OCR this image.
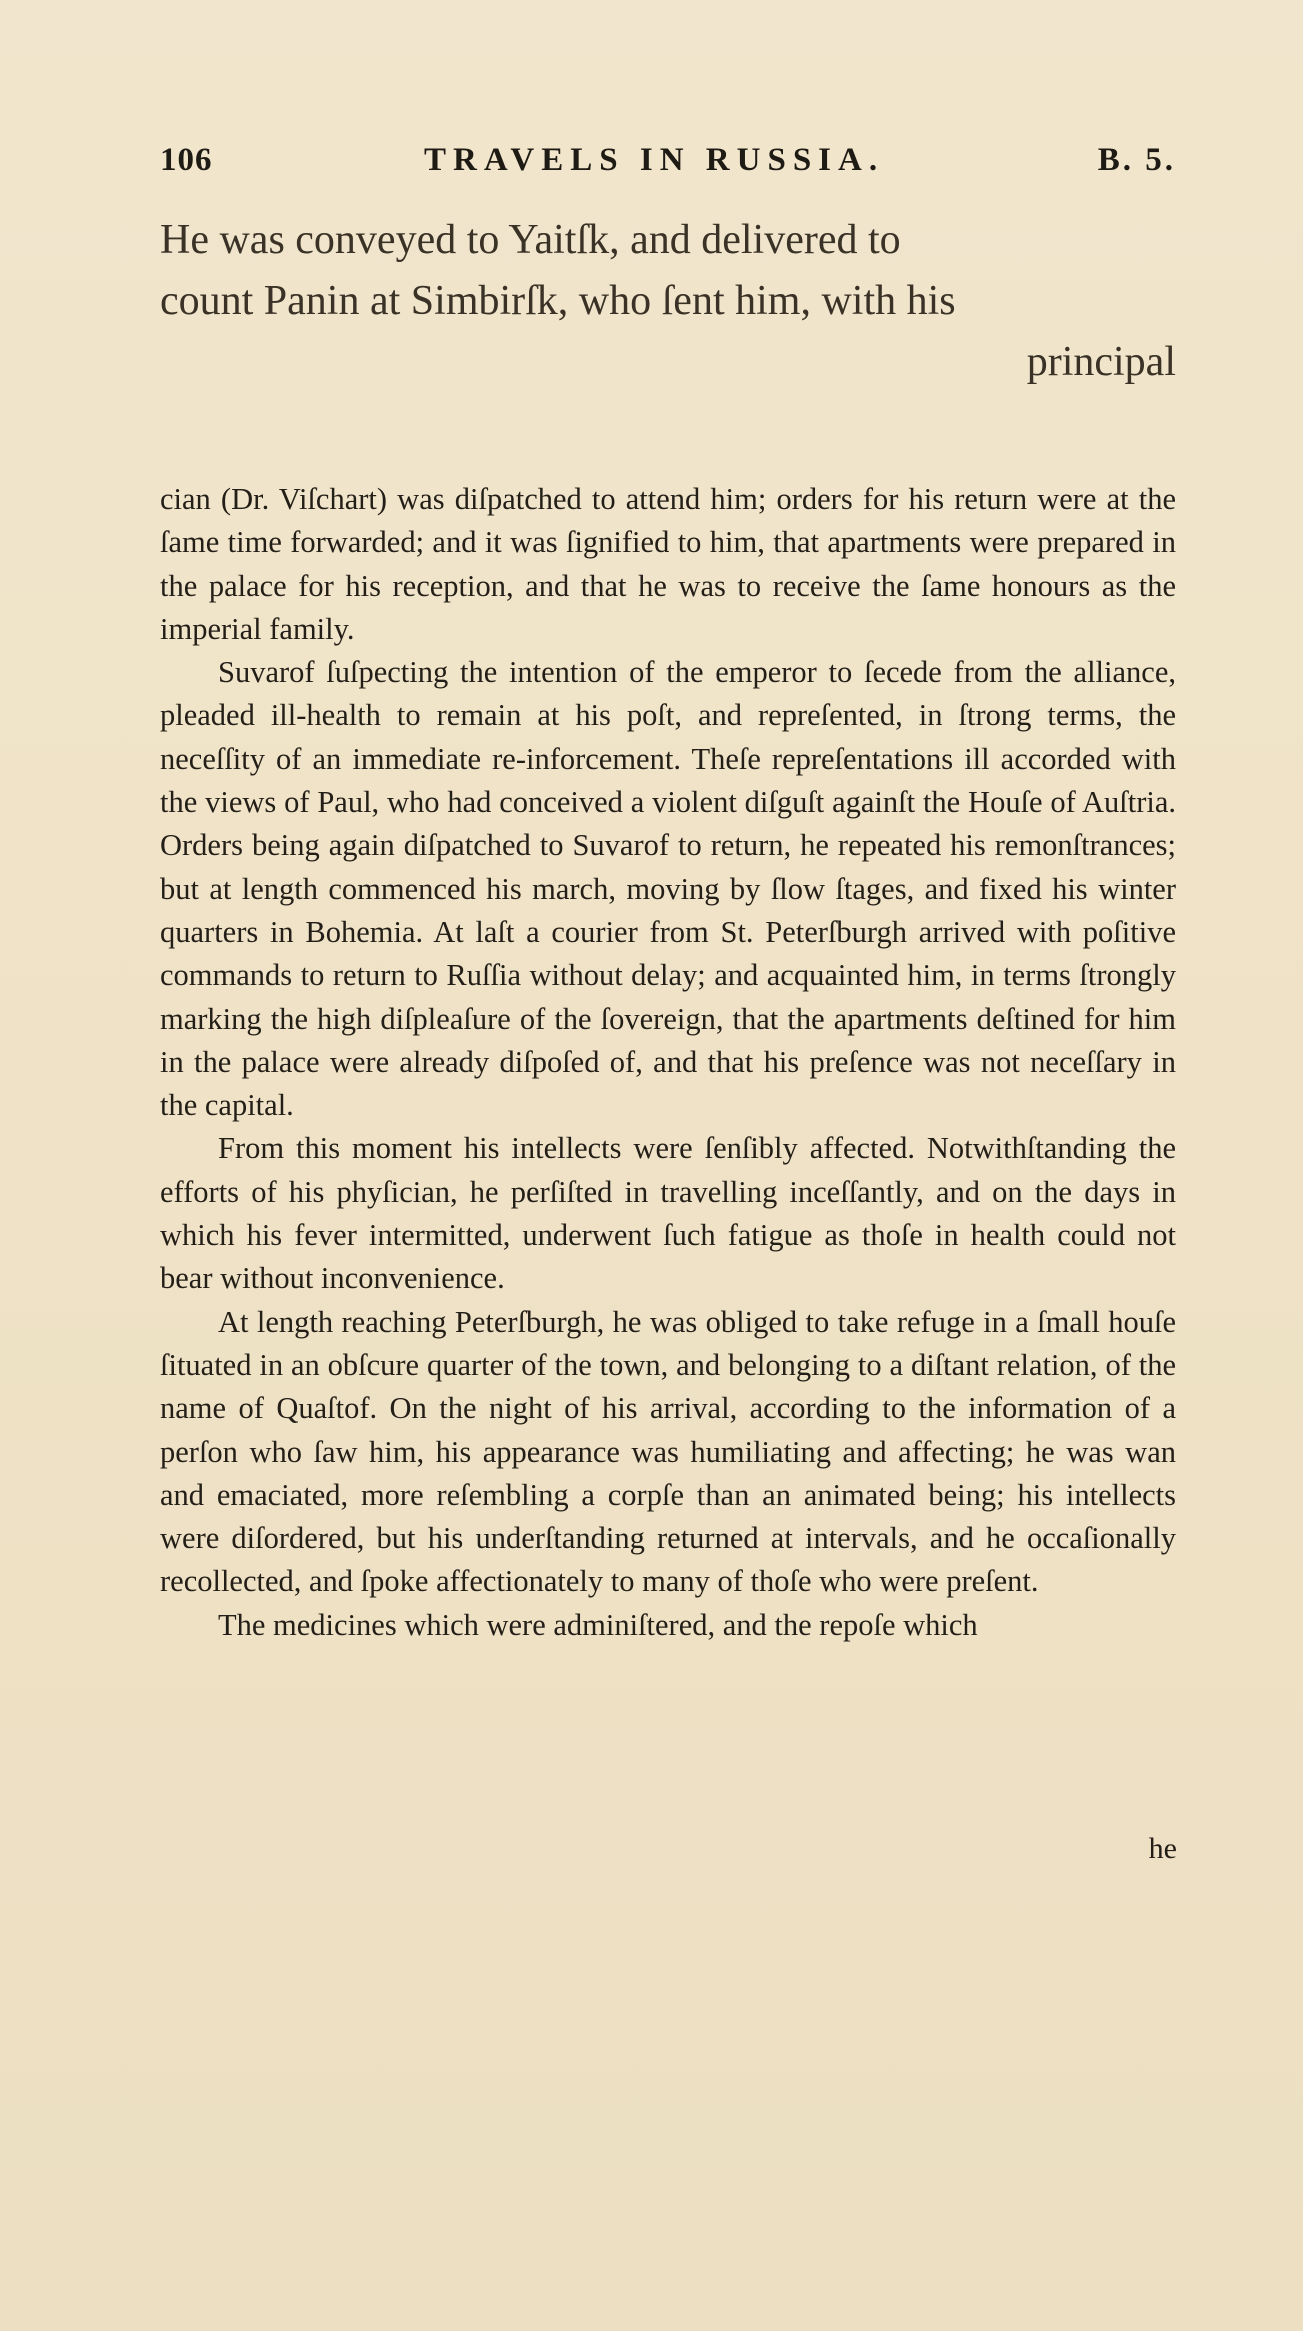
106	TRAVELS IN RUSSIA.	B. 5.
He was conveyed to Yaitſk, and delivered to
count Panin at Simbirſk, who ſent him, with his
principal

cian (Dr. Viſchart) was diſpatched to attend him; orders for his return were at the ſame time forwarded; and it was ſignified to him, that apartments were prepared in the palace for his reception, and that he was to receive the ſame honours as the imperial family.

Suvarof ſuſpecting the intention of the emperor to ſecede from the alliance, pleaded ill-health to remain at his poſt, and repreſented, in ſtrong terms, the neceſſity of an immediate re-inforcement. Theſe repreſentations ill accorded with the views of Paul, who had conceived a violent diſguſt againſt the Houſe of Auſtria. Orders being again diſpatched to Suvarof to return, he repeated his remonſtrances; but at length commenced his march, moving by ſlow ſtages, and fixed his winter quarters in Bohemia. At laſt a courier from St. Peterſburgh arrived with poſitive commands to return to Ruſſia without delay; and acquainted him, in terms ſtrongly marking the high diſpleaſure of the ſovereign, that the apartments deſtined for him in the palace were already diſpoſed of, and that his preſence was not neceſſary in the capital.

From this moment his intellects were ſenſibly affected. Notwithſtanding the efforts of his phyſician, he perſiſted in travelling inceſſantly, and on the days in which his fever intermitted, underwent ſuch fatigue as thoſe in health could not bear without inconvenience.

At length reaching Peterſburgh, he was obliged to take refuge in a ſmall houſe ſituated in an obſcure quarter of the town, and belonging to a diſtant relation, of the name of Quaſtof. On the night of his arrival, according to the information of a perſon who ſaw him, his appearance was humiliating and affecting; he was wan and emaciated, more reſembling a corpſe than an animated being; his intellects were diſordered, but his underſtanding returned at intervals, and he occaſionally recollected, and ſpoke affectionately to many of thoſe who were preſent.

The medicines which were adminiſtered, and the repoſe which

he
